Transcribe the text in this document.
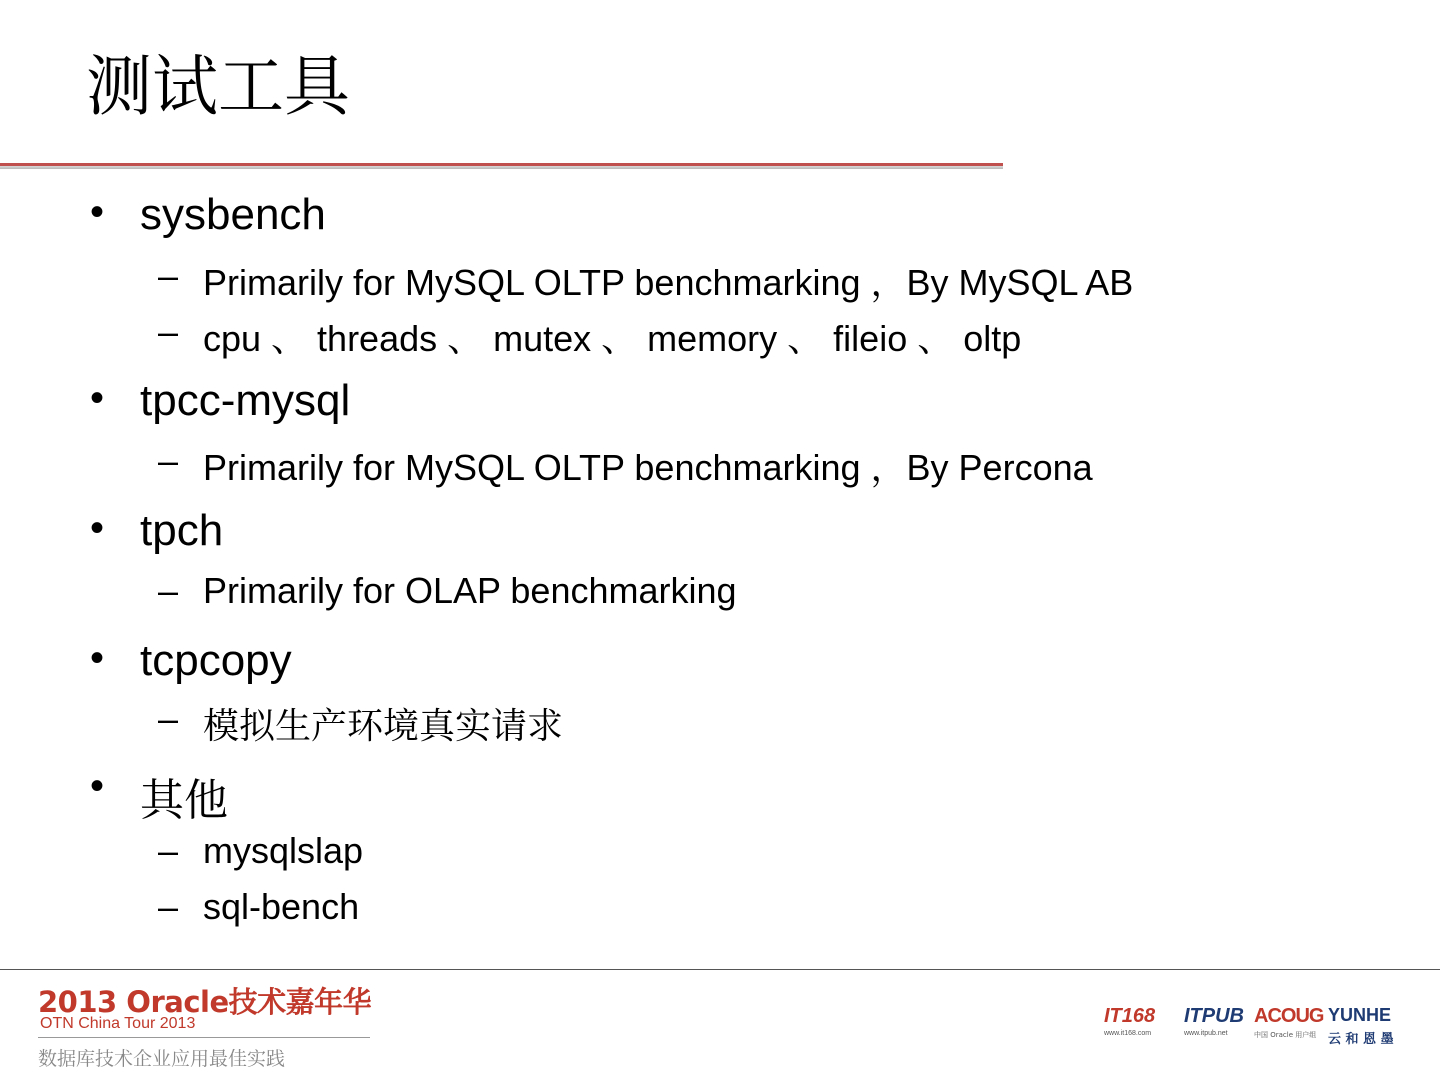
测试工具
• sysbench
– Primarily for MySQL OLTP benchmarking ，By MySQL AB
– cpu 、 threads 、 mutex 、 memory 、 fileio 、 oltp
• tpcc-mysql
– Primarily for MySQL OLTP benchmarking ，By Percona
• tpch
– Primarily for OLAP benchmarking
• tcpcopy
– 模拟生产环境真实请求
• 其他
– mysqlslap
– sql-bench
2013 Oracle技术嘉年华
OTN China Tour 2013
数据库技术企业应用最佳实践
IT168
www.it168.com
ITPUB
www.itpub.net
ACOUG
中国 Oracle 用户组
YUNHE
云 和 恩 墨
